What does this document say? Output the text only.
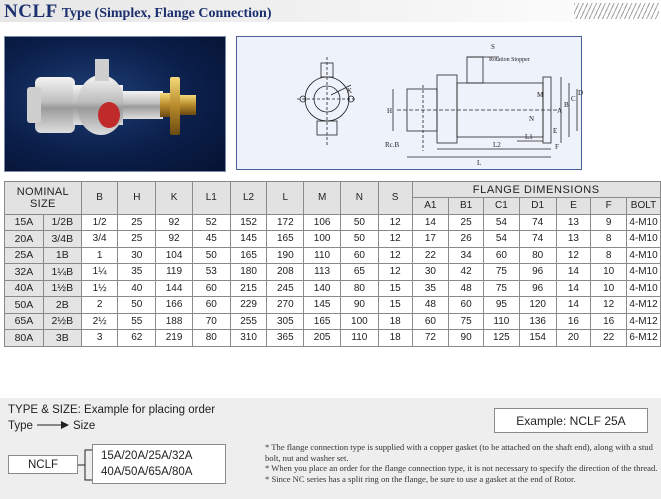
NCLF Type (Simplex, Flange Connection)
K
S
Rotation Stopper
Rc.B
H
L
L2
L1
N
M
E
F
A
B
C
D
NOMINAL SIZE		B	H	K	L1	L2	L	M	N	S	FLANGE DIMENSIONS						
											A1	B1	C1	D1	E	F	BOLT
15A	1/2B	1/2	25	92	52	152	172	106	50	12	14	25	54	74	13	9	4-M10
20A	3/4B	3/4	25	92	45	145	165	100	50	12	17	26	54	74	13	8	4-M10
25A	1B	1	30	104	50	165	190	110	60	12	22	34	60	80	12	8	4-M10
32A	1¼B	1¼	35	119	53	180	208	113	65	12	30	42	75	96	14	10	4-M10
40A	1½B	1½	40	144	60	215	245	140	80	15	35	48	75	96	14	10	4-M10
50A	2B	2	50	166	60	229	270	145	90	15	48	60	95	120	14	12	4-M12
65A	2½B	2½	55	188	70	255	305	165	100	18	60	75	110	136	16	16	4-M12
80A	3B	3	62	219	80	310	365	205	110	18	72	90	125	154	20	22	6-M12
TYPE & SIZE: Example for placing order
Type	Size	Example: NCLF 25A
NCLF
15A/20A/25A/32A
40A/50A/65A/80A

* The flange connection type is supplied with a copper gasket (to be attached on the shaft end), along with a stud bolt, nut and washer set.

* When you place an order for the flange connection type, it is not necessary to specify the direction of the thread.

* Since NC series has a split ring on the flange, be sure to use a gasket at the end of Rotor.
